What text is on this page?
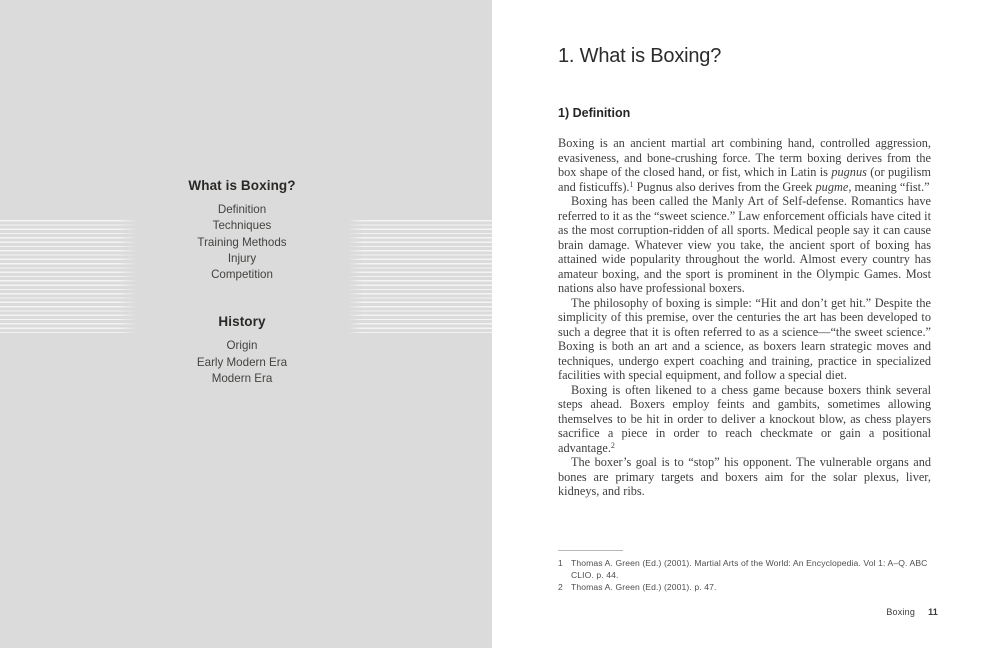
What is Boxing?
Definition
Techniques
Training Methods
Injury
Competition
History
Origin
Early Modern Era
Modern Era
1. What is Boxing?
1) Definition

Boxing is an ancient martial art combining hand, controlled aggression, evasiveness, and bone-crushing force. The term boxing derives from the box shape of the closed hand, or fist, which in Latin is pugnus (or pugilism and fisticuffs).$^1$ Pugnus also derives from the Greek pugme, meaning “fist.”

Boxing has been called the Manly Art of Self-defense. Romantics have referred to it as the “sweet science.” Law enforcement officials have cited it as the most corruption-ridden of all sports. Medical people say it can cause brain damage. Whatever view you take, the ancient sport of boxing has attained wide popularity throughout the world. Almost every country has amateur boxing, and the sport is prominent in the Olympic Games. Most nations also have professional boxers.

The philosophy of boxing is simple: “Hit and don’t get hit.” Despite the simplicity of this premise, over the centuries the art has been developed to such a degree that it is often referred to as a science—“the sweet science.” Boxing is both an art and a science, as boxers learn strategic moves and techniques, undergo expert coaching and training, practice in specialized facilities with special equipment, and follow a special diet.

Boxing is often likened to a chess game because boxers think several steps ahead. Boxers employ feints and gambits, sometimes allowing themselves to be hit in order to deliver a knockout blow, as chess players sacrifice a piece in order to reach checkmate or gain a positional advantage.$^2$

The boxer’s goal is to “stop” his opponent. The vulnerable organs and bones are primary targets and boxers aim for the solar plexus, liver, kidneys, and ribs.

1 Thomas A. Green (Ed.) (2001). Martial Arts of the World: An Encyclopedia. Vol 1: A–Q. ABC CLIO. p. 44.
2 Thomas A. Green (Ed.) (2001). p. 47.
Boxing 11
